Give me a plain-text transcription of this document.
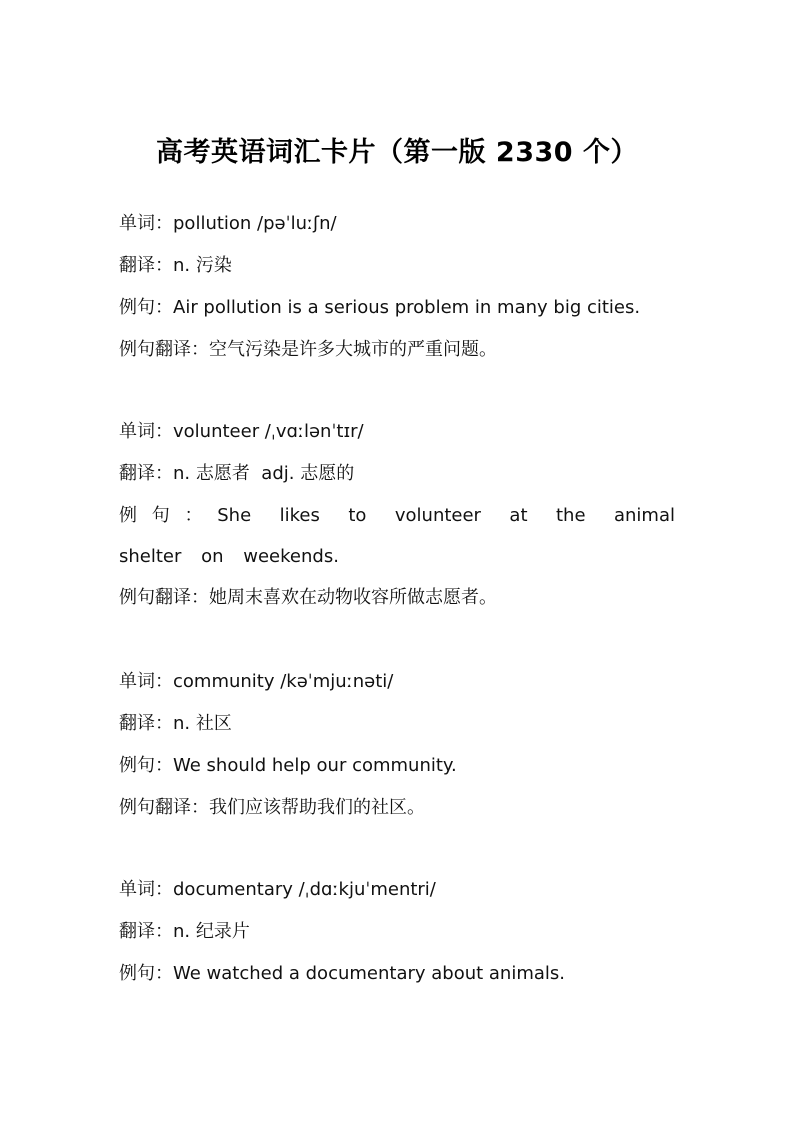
高考英语词汇卡片（第一版 2330 个）
单词：pollution /pəˈluːʃn/
翻译：n. 污染
例句：Air pollution is a serious problem in many big cities.
例句翻译：空气污染是许多大城市的严重问题。
单词：volunteer /ˌvɑːlənˈtɪr/
翻译：n. 志愿者  adj. 志愿的
例句：She likes to volunteer at the animal shelter on weekends.
例句翻译：她周末喜欢在动物收容所做志愿者。
单词：community /kəˈmjuːnəti/
翻译：n. 社区
例句：We should help our community.
例句翻译：我们应该帮助我们的社区。
单词：documentary /ˌdɑːkjuˈmentri/
翻译：n. 纪录片
例句：We watched a documentary about animals.
